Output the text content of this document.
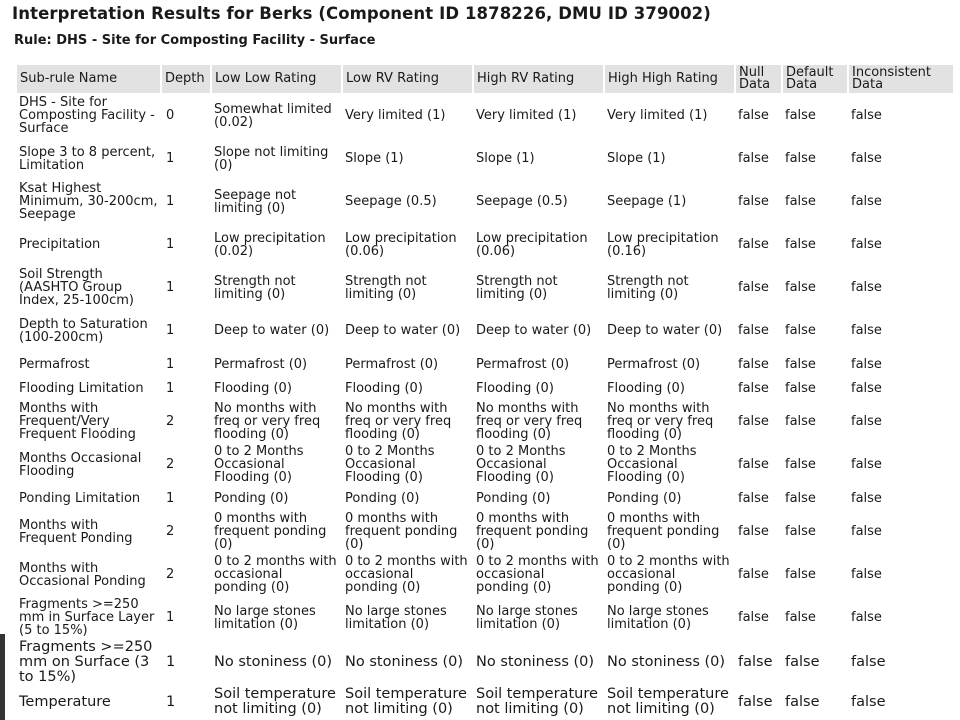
Interpretation Results for Berks (Component ID 1878226, DMU ID 379002)
Rule: DHS - Site for Composting Facility - Surface
Sub-rule Name	Depth	Low Low Rating	Low RV Rating	High RV Rating	High High Rating	Null Data	Default Data	Inconsistent Data
DHS - Site for Composting Facility - Surface	0	Somewhat limited (0.02)	Very limited (1)	Very limited (1)	Very limited (1)	false	false	false
Slope 3 to 8 percent, Limitation	1	Slope not limiting (0)	Slope (1)	Slope (1)	Slope (1)	false	false	false
Ksat Highest Minimum, 30-200cm, Seepage	1	Seepage not limiting (0)	Seepage (0.5)	Seepage (0.5)	Seepage (1)	false	false	false
Precipitation	1	Low precipitation (0.02)	Low precipitation (0.06)	Low precipitation (0.06)	Low precipitation (0.16)	false	false	false
Soil Strength (AASHTO Group Index, 25-100cm)	1	Strength not limiting (0)	Strength not limiting (0)	Strength not limiting (0)	Strength not limiting (0)	false	false	false
Depth to Saturation (100-200cm)	1	Deep to water (0)	Deep to water (0)	Deep to water (0)	Deep to water (0)	false	false	false
Permafrost	1	Permafrost (0)	Permafrost (0)	Permafrost (0)	Permafrost (0)	false	false	false
Flooding Limitation	1	Flooding (0)	Flooding (0)	Flooding (0)	Flooding (0)	false	false	false
Months with Frequent/Very Frequent Flooding	2	No months with freq or very freq flooding (0)	No months with freq or very freq flooding (0)	No months with freq or very freq flooding (0)	No months with freq or very freq flooding (0)	false	false	false
Months Occasional Flooding	2	0 to 2 Months Occasional Flooding (0)	0 to 2 Months Occasional Flooding (0)	0 to 2 Months Occasional Flooding (0)	0 to 2 Months Occasional Flooding (0)	false	false	false
Ponding Limitation	1	Ponding (0)	Ponding (0)	Ponding (0)	Ponding (0)	false	false	false
Months with Frequent Ponding	2	0 months with frequent ponding (0)	0 months with frequent ponding (0)	0 months with frequent ponding (0)	0 months with frequent ponding (0)	false	false	false
Months with Occasional Ponding	2	0 to 2 months with occasional ponding (0)	0 to 2 months with occasional ponding (0)	0 to 2 months with occasional ponding (0)	0 to 2 months with occasional ponding (0)	false	false	false
Fragments >=250 mm in Surface Layer (5 to 15%)	1	No large stones limitation (0)	No large stones limitation (0)	No large stones limitation (0)	No large stones limitation (0)	false	false	false
Fragments >=250 mm on Surface (3 to 15%)	1	No stoniness (0)	No stoniness (0)	No stoniness (0)	No stoniness (0)	false	false	false
Temperature	1	Soil temperature not limiting (0)	Soil temperature not limiting (0)	Soil temperature not limiting (0)	Soil temperature not limiting (0)	false	false	false
